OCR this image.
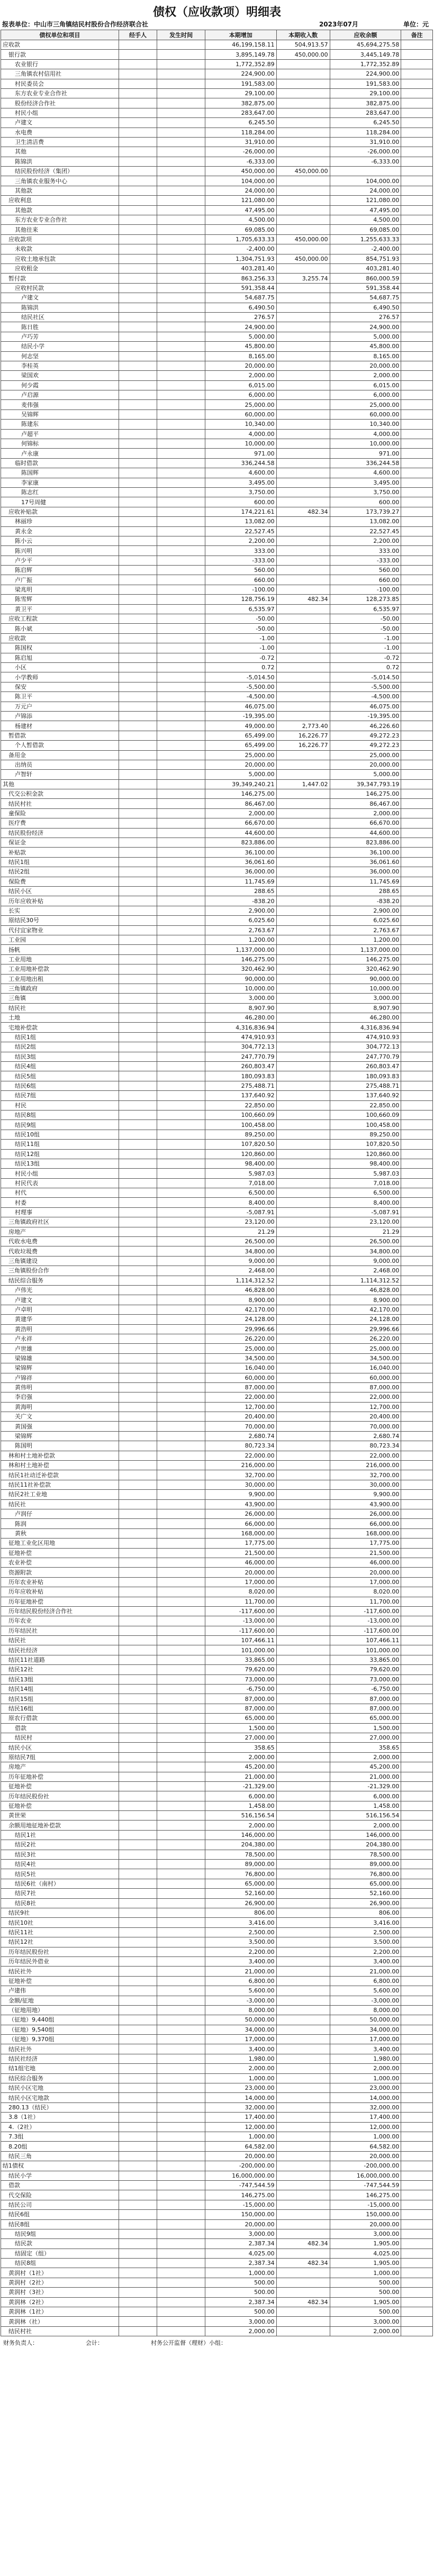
债权（应收款项）明细表
报表单位：中山市三角镇结民村股份合作经济联合社	2023年07月	单位：元
债权单位和项目	经手人	发生时间	本期增加	本期收入数	应收余额	备注
应收款			46,199,158.11	504,913.57	45,694,275.58	
银行款			3,895,149.78	450,000.00	3,445,149.78	
农业银行			1,772,352.89		1,772,352.89	
三角镇农村信用社			224,900.00		224,900.00	
村民委员会			191,583.00		191,583.00	
东方农业专业合作社			29,100.00		29,100.00	
股份经济合作社			382,875.00		382,875.00	
村民小组			283,647.00		283,647.00	
卢建文			6,245.50		6,245.50	
水电费			118,284.00		118,284.00	
卫生清洁费			31,910.00		31,910.00	
其他			-26,000.00		-26,000.00	
陈锦洪			-6,333.00		-6,333.00	
结民股份经济（集团）			450,000.00	450,000.00		
三角镇农业服务中心			104,000.00		104,000.00	
其他款			24,000.00		24,000.00	
应收利息			121,080.00		121,080.00	
其他款			47,495.00		47,495.00	
东方农业专业合作社			4,500.00		4,500.00	
其他往来			69,085.00		69,085.00	
应收款项			1,705,633.33	450,000.00	1,255,633.33	
未收款			-2,400.00		-2,400.00	
应收土地承包款			1,304,751.93	450,000.00	854,751.93	
应收租金			403,281.40		403,281.40	
暂付款			863,256.33	3,255.74	860,000.59	
应收村民款			591,358.44		591,358.44	
卢建文			54,687.75		54,687.75	
陈锦洪			6,490.50		6,490.50	
结民社区			276.57		276.57	
陈日胜			24,900.00		24,900.00	
卢巧芳			5,000.00		5,000.00	
结民小学			45,800.00		45,800.00	
何志坚			8,165.00		8,165.00	
李桂英			20,000.00		20,000.00	
梁国欢			2,000.00		2,000.00	
何少霞			6,015.00		6,015.00	
卢启源			6,000.00		6,000.00	
麦伟强			25,000.00		25,000.00	
吴锦辉			60,000.00		60,000.00	
陈建东			10,340.00		10,340.00	
卢超平			4,000.00		4,000.00	
何锦标			10,000.00		10,000.00	
卢永康			971.00		971.00	
临时借款			336,244.58		336,244.58	
陈国辉			4,600.00		4,600.00	
李家康			3,495.00		3,495.00	
陈志红			3,750.00		3,750.00	
17号周健			600.00		600.00	
应收补贴款			174,221.61	482.34	173,739.27	
林丽珍			13,082.00		13,082.00	
黄永金			22,527.45		22,527.45	
陈小云			2,200.00		2,200.00	
陈兴明			333.00		333.00	
卢少平			-333.00		-333.00	
陈启辉			560.00		560.00	
卢广振			660.00		660.00	
梁兆明			-100.00		-100.00	
陈雪辉			128,756.19	482.34	128,273.85	
黄卫平			6,535.97		6,535.97	
应收工程款			-50.00		-50.00	
陈小斌			-50.00		-50.00	
应收款			-1.00		-1.00	
陈国权			-1.00		-1.00	
陈启旭			-0.72		-0.72	
小区			0.72		0.72	
小学教师			-5,014.50		-5,014.50	
保安			-5,500.00		-5,500.00	
陈卫平			-4,500.00		-4,500.00	
万元户			46,075.00		46,075.00	
卢锦添			-19,395.00		-19,395.00	
杨建材			49,000.00	2,773.40	46,226.60	
暂借款			65,499.00	16,226.77	49,272.23	
个人暂借款			65,499.00	16,226.77	49,272.23	
备用金			25,000.00		25,000.00	
出纳员			20,000.00		20,000.00	
卢智轩			5,000.00		5,000.00	
其他			39,349,240.21	1,447.02	39,347,793.19	
代交公积金款			146,275.00		146,275.00	
结民村社			86,467.00		86,467.00	
童保险			2,000.00		2,000.00	
医疗费			66,670.00		66,670.00	
结民股份经济			44,600.00		44,600.00	
保证金			823,886.00		823,886.00	
补贴款			36,100.00		36,100.00	
结民1组			36,061.60		36,061.60	
结民2组			36,000.00		36,000.00	
保险费			11,745.69		11,745.69	
结民小区			288.65		288.65	
历年应收补贴			-838.20		-838.20	
长实			2,900.00		2,900.00	
原结民30号			6,025.60		6,025.60	
代付宜家物业			2,763.67		2,763.67	
工业园			1,200.00		1,200.00	
扬帆			1,137,000.00		1,137,000.00	
工业用地			146,275.00		146,275.00	
工业用地补偿款			320,462.90		320,462.90	
工业用地出租			90,000.00		90,000.00	
三角镇政府			10,000.00		10,000.00	
三角镇			3,000.00		3,000.00	
结民社			8,907.90		8,907.90	
土地			46,280.00		46,280.00	
宅地补偿款			4,316,836.94		4,316,836.94	
结民1组			474,910.93		474,910.93	
结民2组			304,772.13		304,772.13	
结民3组			247,770.79		247,770.79	
结民4组			260,803.47		260,803.47	
结民5组			180,093.83		180,093.83	
结民6组			275,488.71		275,488.71	
结民7组			137,640.92		137,640.92	
村民			22,850.00		22,850.00	
结民8组			100,660.09		100,660.09	
结民9组			100,458.00		100,458.00	
结民10组			89,250.00		89,250.00	
结民11组			107,820.50		107,820.50	
结民12组			120,860.00		120,860.00	
结民13组			98,400.00		98,400.00	
村民小组			5,987.03		5,987.03	
村民代表			7,018.00		7,018.00	
村代			6,500.00		6,500.00	
村委			8,400.00		8,400.00	
村理事			-5,087.91		-5,087.91	
三角镇政府社区			23,120.00		23,120.00	
房地产			21.29		21.29	
代收水电费			26,500.00		26,500.00	
代收垃圾费			34,800.00		34,800.00	
三角镇建设			9,000.00		9,000.00	
三角镇股份合作			2,468.00		2,468.00	
结民综合服务			1,114,312.52		1,114,312.52	
卢伟光			46,828.00		46,828.00	
卢建文			8,900.00		8,900.00	
卢卓明			42,170.00		42,170.00	
黄建华			24,128.00		24,128.00	
黄浩明			29,996.66		29,996.66	
卢永祥			26,220.00		26,220.00	
卢世雄			25,000.00		25,000.00	
梁锦雄			34,500.00		34,500.00	
梁锦辉			16,040.00		16,040.00	
卢锦祥			60,000.00		60,000.00	
黄伟明			87,000.00		87,000.00	
李启强			22,000.00		22,000.00	
黄海明			12,700.00		12,700.00	
关广文			20,400.00		20,400.00	
黄国强			70,000.00		70,000.00	
梁锦辉			2,680.74		2,680.74	
陈国明			80,723.34		80,723.34	
林和村土地补偿款			22,000.00		22,000.00	
林和村土地补偿			216,000.00		216,000.00	
结民1社动迁补偿款			32,700.00		32,700.00	
结民11社补偿款			30,000.00		30,000.00	
结民2社工业地			9,900.00		9,900.00	
结民社			43,900.00		43,900.00	
卢润仔			26,000.00		26,000.00	
陈润			66,000.00		66,000.00	
黄秋			168,000.00		168,000.00	
征地工业化区用地			17,775.00		17,775.00	
征地补偿			21,500.00		21,500.00	
农业补偿			46,000.00		46,000.00	
资源附款			20,000.00		20,000.00	
历年农业补贴			17,000.00		17,000.00	
历年应收补贴			8,020.00		8,020.00	
历年征地补偿			11,700.00		11,700.00	
历年结民股份经济合作社			-117,600.00		-117,600.00	
历年农业			-13,000.00		-13,000.00	
历年结民社			-117,600.00		-117,600.00	
结民社			107,466.11		107,466.11	
结民社经济			101,000.00		101,000.00	
结民11社道路			33,865.00		33,865.00	
结民12社			79,620.00		79,620.00	
结民13组			73,000.00		73,000.00	
结民14组			-6,750.00		-6,750.00	
结民15组			87,000.00		87,000.00	
结民16组			87,000.00		87,000.00	
原农行借款			65,000.00		65,000.00	
借款			1,500.00		1,500.00	
结民村			27,000.00		27,000.00	
结民小区			358.65		358.65	
原结民7组			2,000.00		2,000.00	
房地产			45,200.00		45,200.00	
历年征地补偿			21,000.00		21,000.00	
征地补偿			-21,329.00		-21,329.00	
历年结民股份社			6,000.00		6,000.00	
征地补偿			1,458.00		1,458.00	
黄世荣			516,156.54		516,156.54	
余额用地征地补偿款			2,000.00		2,000.00	
结民1社			146,000.00		146,000.00	
结民2社			204,380.00		204,380.00	
结民3社			78,500.00		78,500.00	
结民4社			89,000.00		89,000.00	
结民5社			76,800.00		76,800.00	
结民6社（南村）			65,000.00		65,000.00	
结民7社			52,160.00		52,160.00	
结民8社			26,900.00		26,900.00	
结民9社			806.00		806.00	
结民10社			3,416.00		3,416.00	
结民11社			2,500.00		2,500.00	
结民12社			3,500.00		3,500.00	
历年结民股份社			2,200.00		2,200.00	
历年结民外借业			3,400.00		3,400.00	
结民社外			21,000.00		21,000.00	
征地补偿			6,800.00		6,800.00	
卢建伟			5,600.00		5,600.00	
金额/征地			-3,000.00		-3,000.00	
（征地用地）			8,000.00		8,000.00	
（征地）9,440组			50,000.00		50,000.00	
（征地）9,540组			34,000.00		34,000.00	
（征地）9,370组			17,000.00		17,000.00	
结民社外			3,400.00		3,400.00	
结民社经济			1,980.00		1,980.00	
结1组宅地			2,000.00		2,000.00	
结民综合服务			1,000.00		1,000.00	
结民小区宅地			23,000.00		23,000.00	
结民小区宅地款			14,000.00		14,000.00	
280.13（结民）			32,000.00		32,000.00	
3.8（1社）			17,400.00		17,400.00	
4.（2社）			12,000.00		12,000.00	
7.3组			1,000.00		1,000.00	
8.20组			64,582.00		64,582.00	
结民三角			20,000.00		20,000.00	
结1债权			-200,000.00		-200,000.00	
结民小学			16,000,000.00		16,000,000.00	
借款			-747,544.59		-747,544.59	
代交保险			146,275.00		146,275.00	
结民公司			-15,000.00		-15,000.00	
结民6组			150,000.00		150,000.00	
结民8组			20,000.00		20,000.00	
结民9组			3,000.00		3,000.00	
结民款			2,387.34	482.34	1,905.00	
结固定（组）			4,025.00		4,025.00	
结民8组			2,387.34	482.34	1,905.00	
黄润村（1社）			1,000.00		1,000.00	
黄润村（2社）			500.00		500.00	
黄润村（3社）			500.00		500.00	
黄润林（2社）			2,387.34	482.34	1,905.00	
黄润林（1社）			500.00		500.00	
黄润林（社）			3,000.00		3,000.00	
结民村社			2,000.00		2,000.00	
财务负责人：	会计：	村务公开监督（理财）小组：
